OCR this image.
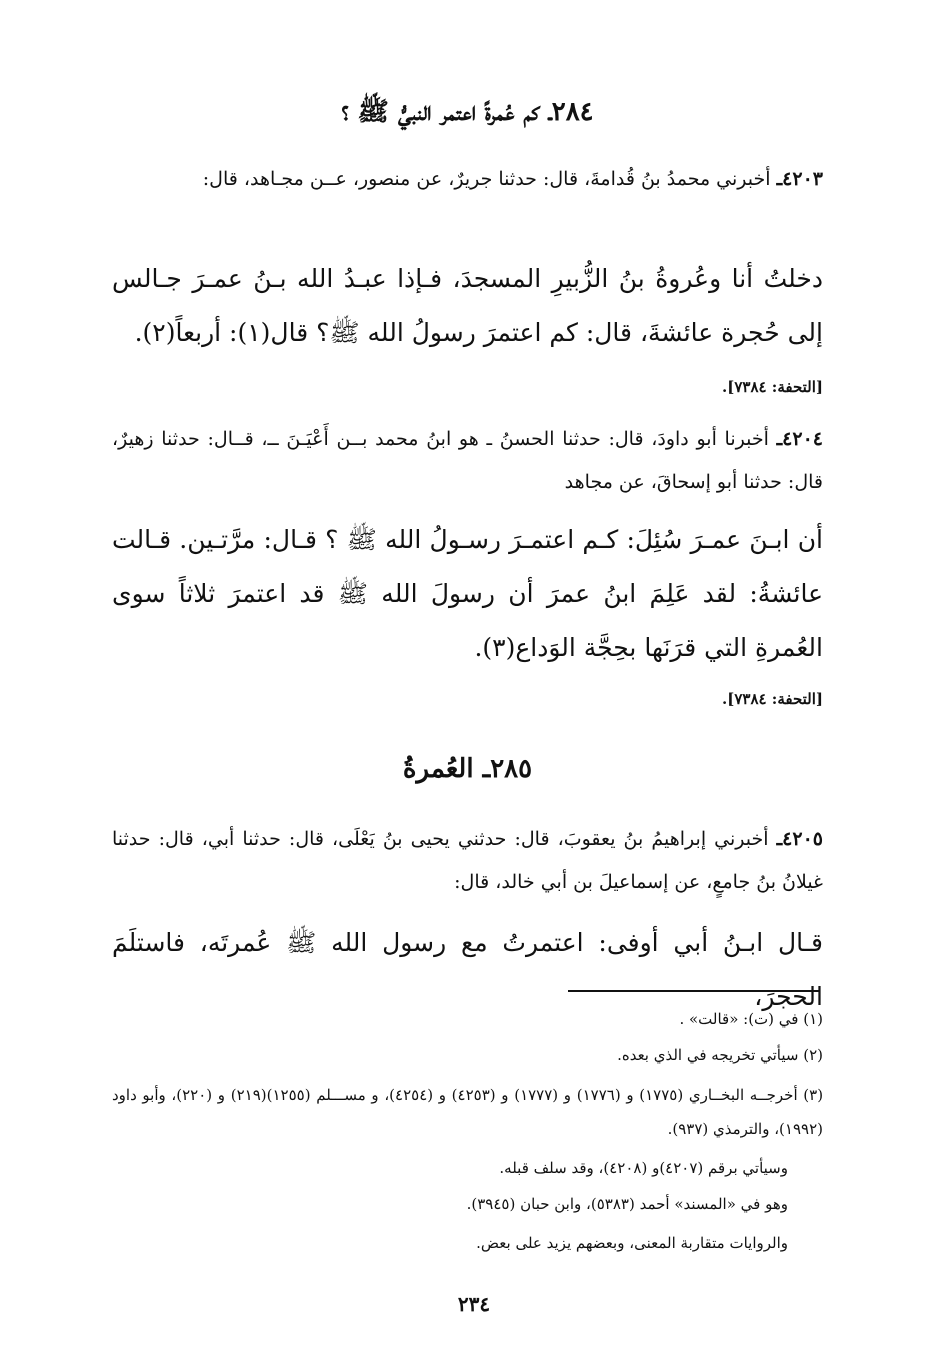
٢٨٤ـ كم عُمرةً اعتمر النبيُّ ﷺ ؟
٤٢٠٣ـ أخبرني محمدُ بنُ قُدامةَ، قال: حدثنا جريرٌ، عن منصور، عــن مجـاهد، قال:
دخلتُ أنا وعُروةُ بنُ الزُّبيرِ المسجدَ، فـإذا عبـدُ الله بـنُ عمـرَ جـالس إلى حُجرة عائشةَ، قال: كم اعتمرَ رسولُ الله ﷺ؟ قال(١): أربعاً(٢).
[التحفة: ٧٣٨٤].
٤٢٠٤ـ أخبرنا أبو داودَ، قال: حدثنا الحسنُ ـ هو ابنُ محمد بــن أَعْيَـنَ ــ، قــال: حدثنا زهيرٌ، قال: حدثنا أبو إسحاقَ، عن مجاهد
أن ابـنَ عمـرَ سُئِلَ: كـم اعتمـرَ رسـولُ الله ﷺ ؟ قـال: مرَّتـين. قـالت عائشةُ: لقد عَلِمَ ابنُ عمرَ أن رسولَ الله ﷺ قد اعتمرَ ثلاثاً سوى العُمرةِ التي قرَنَها بحِجَّة الوَداع(٣).
[التحفة: ٧٣٨٤].
٢٨٥ـ العُمرةُ
٤٢٠٥ـ أخبرني إبراهيمُ بنُ يعقوبَ، قال: حدثني يحيى بنُ يَعْلَى، قال: حدثنا أبي، قال: حدثنا غيلانُ بنُ جامعٍ، عن إسماعيلَ بن أبي خالد، قال:
قـال ابـنُ أبي أوفى: اعتمرتُ مع رسول الله ﷺ عُمرتَه، فاستلَمَ الحجرَ،
(١) في (ت): «قالت» .
(٢) سيأتي تخريجه في الذي بعده.
(٣) أخرجــه البخــاري (١٧٧٥) و (١٧٧٦) و (١٧٧٧) و (٤٢٥٣) و (٤٢٥٤)، و مســـلم (١٢٥٥)(٢١٩) و (٢٢٠)، وأبو داود (١٩٩٢)، والترمذي (٩٣٧).
وسيأتي برقم (٤٢٠٧)و (٤٢٠٨)، وقد سلف قبله.
وهو في «المسند» أحمد (٥٣٨٣)، وابن حبان (٣٩٤٥).
والروايات متقاربة المعنى، وبعضهم يزيد على بعض.
٢٣٤
